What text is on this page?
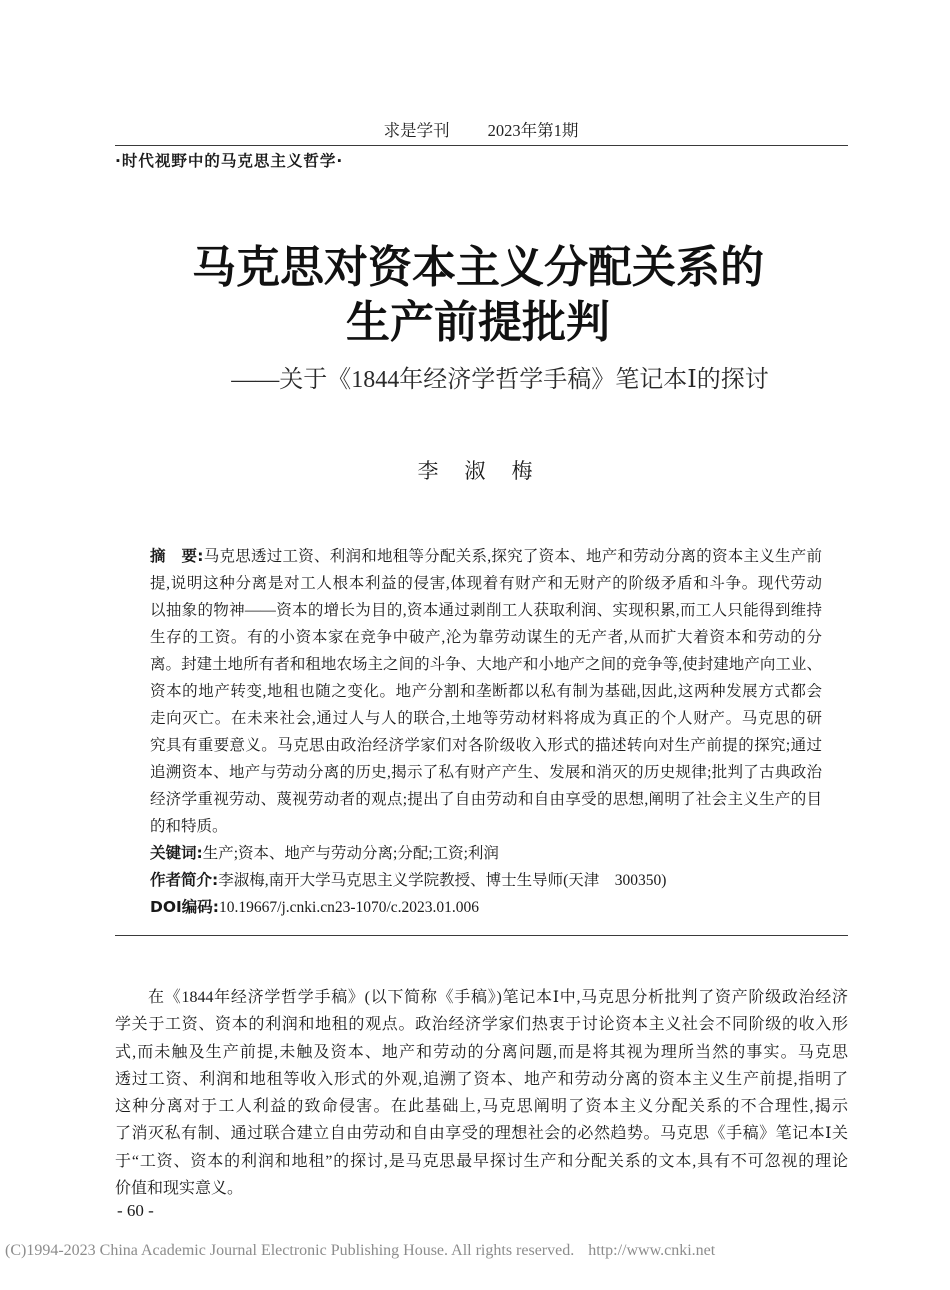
求是学刊 2023年第1期
·时代视野中的马克思主义哲学·
马克思对资本主义分配关系的
生产前提批判
——关于《1844年经济学哲学手稿》笔记本Ⅰ的探讨
李淑梅
摘　要:马克思透过工资、利润和地租等分配关系,探究了资本、地产和劳动分离的资本主义生产前
提,说明这种分离是对工人根本利益的侵害,体现着有财产和无财产的阶级矛盾和斗争。现代劳动
以抽象的物神——资本的增长为目的,资本通过剥削工人获取利润、实现积累,而工人只能得到维持
生存的工资。有的小资本家在竞争中破产,沦为靠劳动谋生的无产者,从而扩大着资本和劳动的分
离。封建土地所有者和租地农场主之间的斗争、大地产和小地产之间的竞争等,使封建地产向工业、
资本的地产转变,地租也随之变化。地产分割和垄断都以私有制为基础,因此,这两种发展方式都会
走向灭亡。在未来社会,通过人与人的联合,土地等劳动材料将成为真正的个人财产。马克思的研
究具有重要意义。马克思由政治经济学家们对各阶级收入形式的描述转向对生产前提的探究;通过
追溯资本、地产与劳动分离的历史,揭示了私有财产产生、发展和消灭的历史规律;批判了古典政治
经济学重视劳动、蔑视劳动者的观点;提出了自由劳动和自由享受的思想,阐明了社会主义生产的目
的和特质。
关键词:生产;资本、地产与劳动分离;分配;工资;利润
作者简介:李淑梅,南开大学马克思主义学院教授、博士生导师(天津　300350)
DOI编码:10.19667/j.cnki.cn23-1070/c.2023.01.006
在《1844年经济学哲学手稿》(以下简称《手稿》)笔记本Ⅰ中,马克思分析批判了资产阶级政治经济
学关于工资、资本的利润和地租的观点。政治经济学家们热衷于讨论资本主义社会不同阶级的收入形
式,而未触及生产前提,未触及资本、地产和劳动的分离问题,而是将其视为理所当然的事实。马克思
透过工资、利润和地租等收入形式的外观,追溯了资本、地产和劳动分离的资本主义生产前提,指明了
这种分离对于工人利益的致命侵害。在此基础上,马克思阐明了资本主义分配关系的不合理性,揭示
了消灭私有制、通过联合建立自由劳动和自由享受的理想社会的必然趋势。马克思《手稿》笔记本Ⅰ关
于“工资、资本的利润和地租”的探讨,是马克思最早探讨生产和分配关系的文本,具有不可忽视的理论
价值和现实意义。
- 60 -
(C)1994-2023 China Academic Journal Electronic Publishing House. All rights reserved. http://www.cnki.net
